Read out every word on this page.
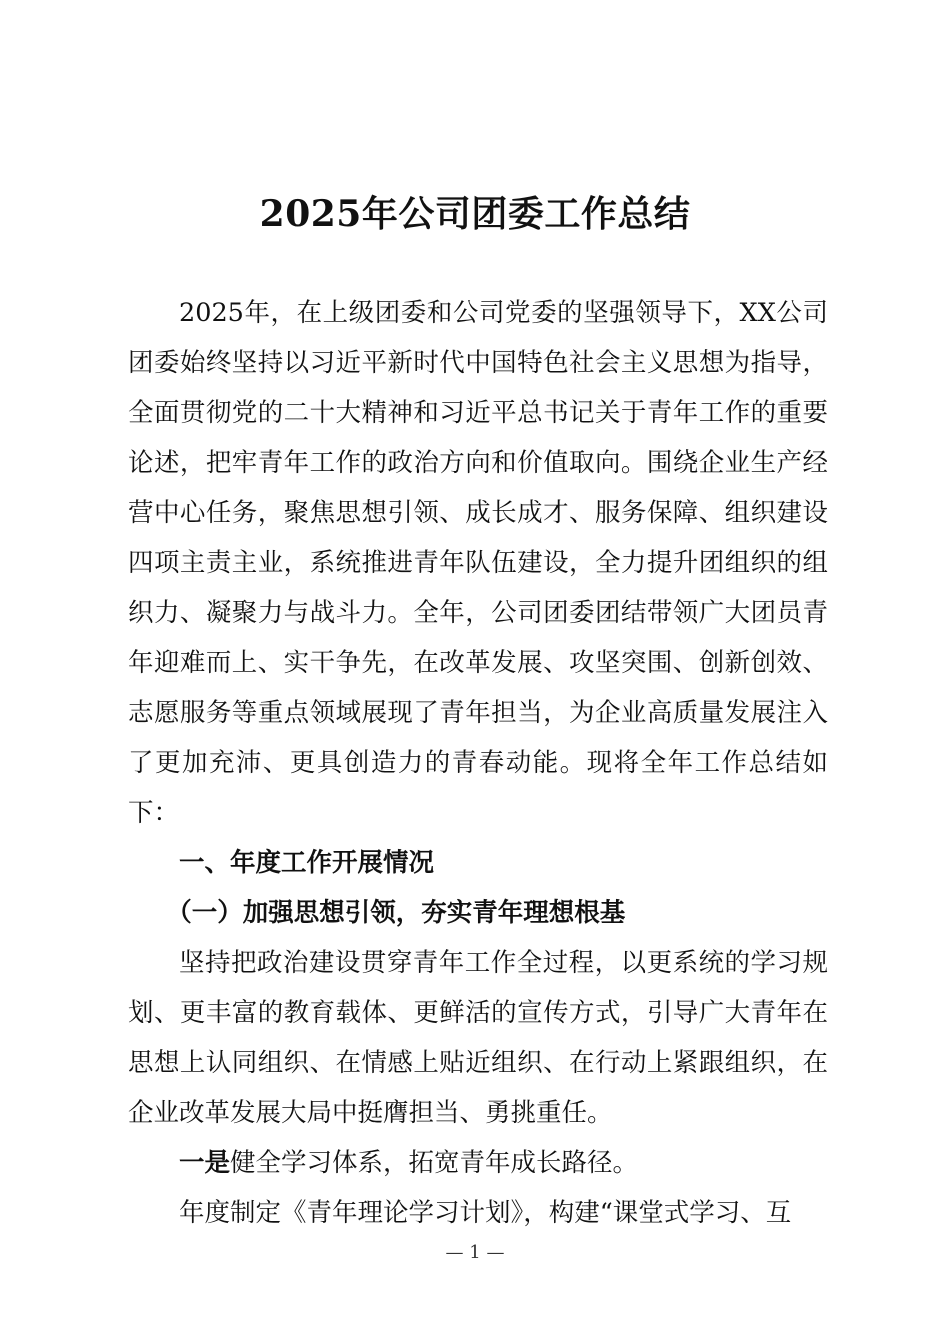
2025年公司团委工作总结

2025年，在上级团委和公司党委的坚强领导下，XX公司团委始终坚持以习近平新时代中国特色社会主义思想为指导，全面贯彻党的二十大精神和习近平总书记关于青年工作的重要论述，把牢青年工作的政治方向和价值取向。围绕企业生产经营中心任务，聚焦思想引领、成长成才、服务保障、组织建设四项主责主业，系统推进青年队伍建设，全力提升团组织的组织力、凝聚力与战斗力。全年，公司团委团结带领广大团员青年迎难而上、实干争先，在改革发展、攻坚突围、创新创效、志愿服务等重点领域展现了青年担当，为企业高质量发展注入了更加充沛、更具创造力的青春动能。现将全年工作总结如下：

一、年度工作开展情况

（一）加强思想引领，夯实青年理想根基

坚持把政治建设贯穿青年工作全过程，以更系统的学习规划、更丰富的教育载体、更鲜活的宣传方式，引导广大青年在思想上认同组织、在情感上贴近组织、在行动上紧跟组织，在企业改革发展大局中挺膺担当、勇挑重任。

一是健全学习体系，拓宽青年成长路径。

年度制定《青年理论学习计划》，构建“课堂式学习、互

— 1 —
